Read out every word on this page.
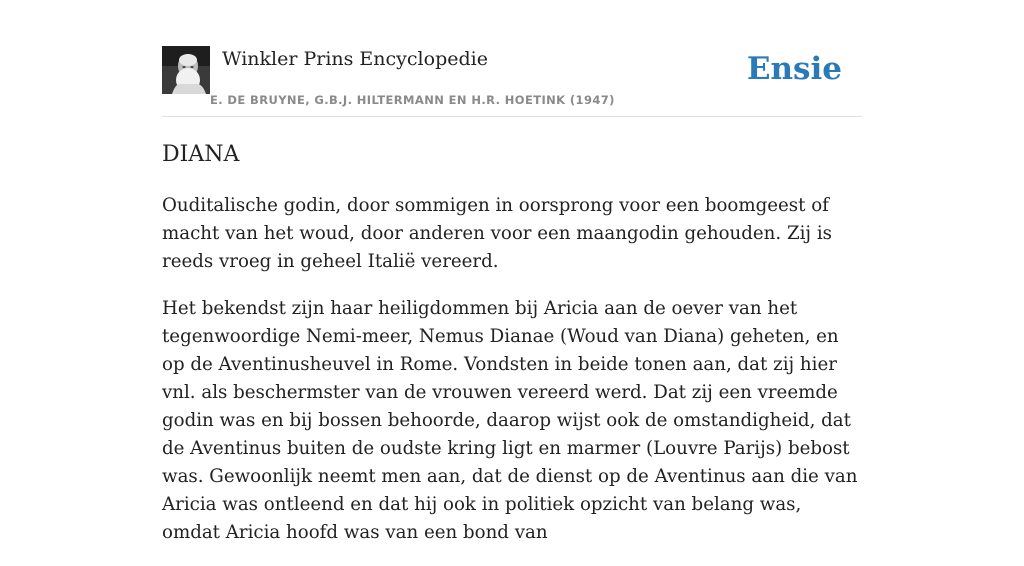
Winkler Prins Encyclopedie
E. DE BRUYNE, G.B.J. HILTERMANN EN H.R. HOETINK (1947)
Ensie
DIANA

Ouditalische godin, door sommigen in oorsprong voor een boomgeest of macht van het woud, door anderen voor een maangodin gehouden. Zij is reeds vroeg in geheel Italië vereerd.

Het bekendst zijn haar heiligdommen bij Aricia aan de oever van het tegenwoordige Nemi-meer, Nemus Dianae (Woud van Diana) geheten, en op de Aventinusheuvel in Rome. Vondsten in beide tonen aan, dat zij hier vnl. als beschermster van de vrouwen vereerd werd. Dat zij een vreemde godin was en bij bossen behoorde, daarop wijst ook de omstandigheid, dat de Aventinus buiten de oudste kring ligt en marmer (Louvre Parijs) bebost was. Gewoonlijk neemt men aan, dat de dienst op de Aventinus aan die van Aricia was ontleend en dat hij ook in politiek opzicht van belang was, omdat Aricia hoofd was van een bond van
